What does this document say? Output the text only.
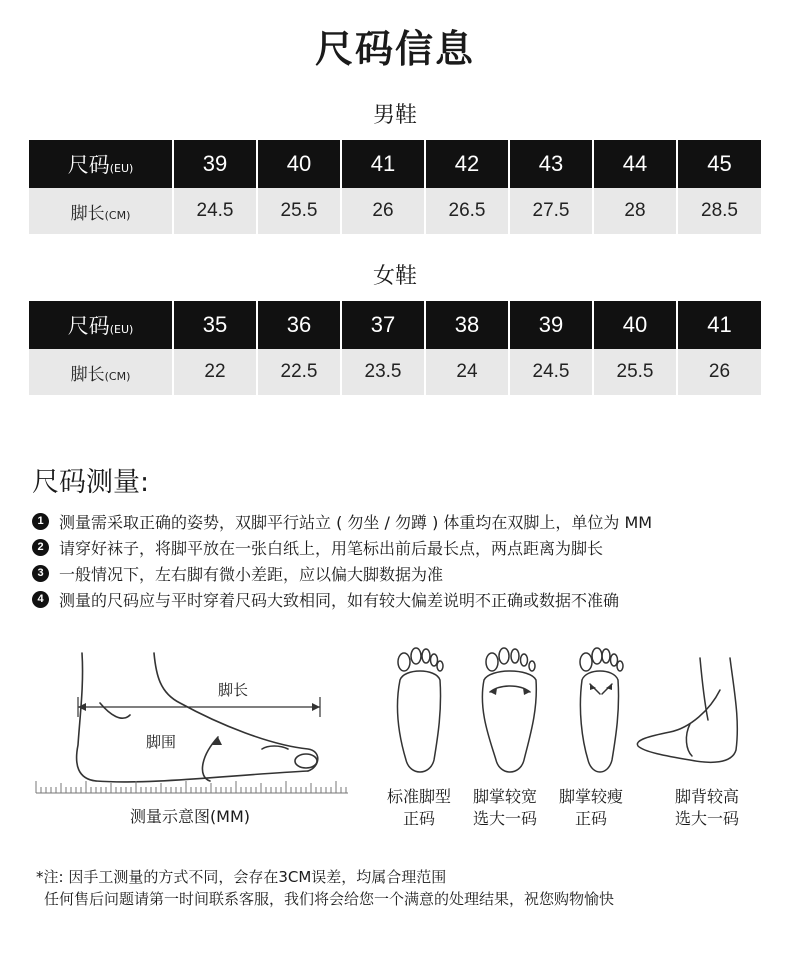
尺码信息
男鞋
尺码(EU)	39	40	41	42	43	44	45
脚长(CM)	24.5	25.5	26	26.5	27.5	28	28.5
女鞋
尺码(EU)	35	36	37	38	39	40	41
脚长(CM)	22	22.5	23.5	24	24.5	25.5	26
尺码测量:
1 测量需采取正确的姿势，双脚平行站立 ( 勿坐 / 勿蹲 ) 体重均在双脚上，单位为 MM
2 请穿好袜子，将脚平放在一张白纸上，用笔标出前后最长点，两点距离为脚长
3 一般情况下，左右脚有微小差距，应以偏大脚数据为准
4 测量的尺码应与平时穿着尺码大致相同，如有较大偏差说明不正确或数据不准确
脚长
脚围
测量示意图(MM)
标准脚型
正码
脚掌较宽
选大一码
脚掌较瘦
正码
脚背较高
选大一码
*注: 因手工测量的方式不同，会存在3CM误差，均属合理范围
任何售后问题请第一时间联系客服，我们将会给您一个满意的处理结果，祝您购物愉快
